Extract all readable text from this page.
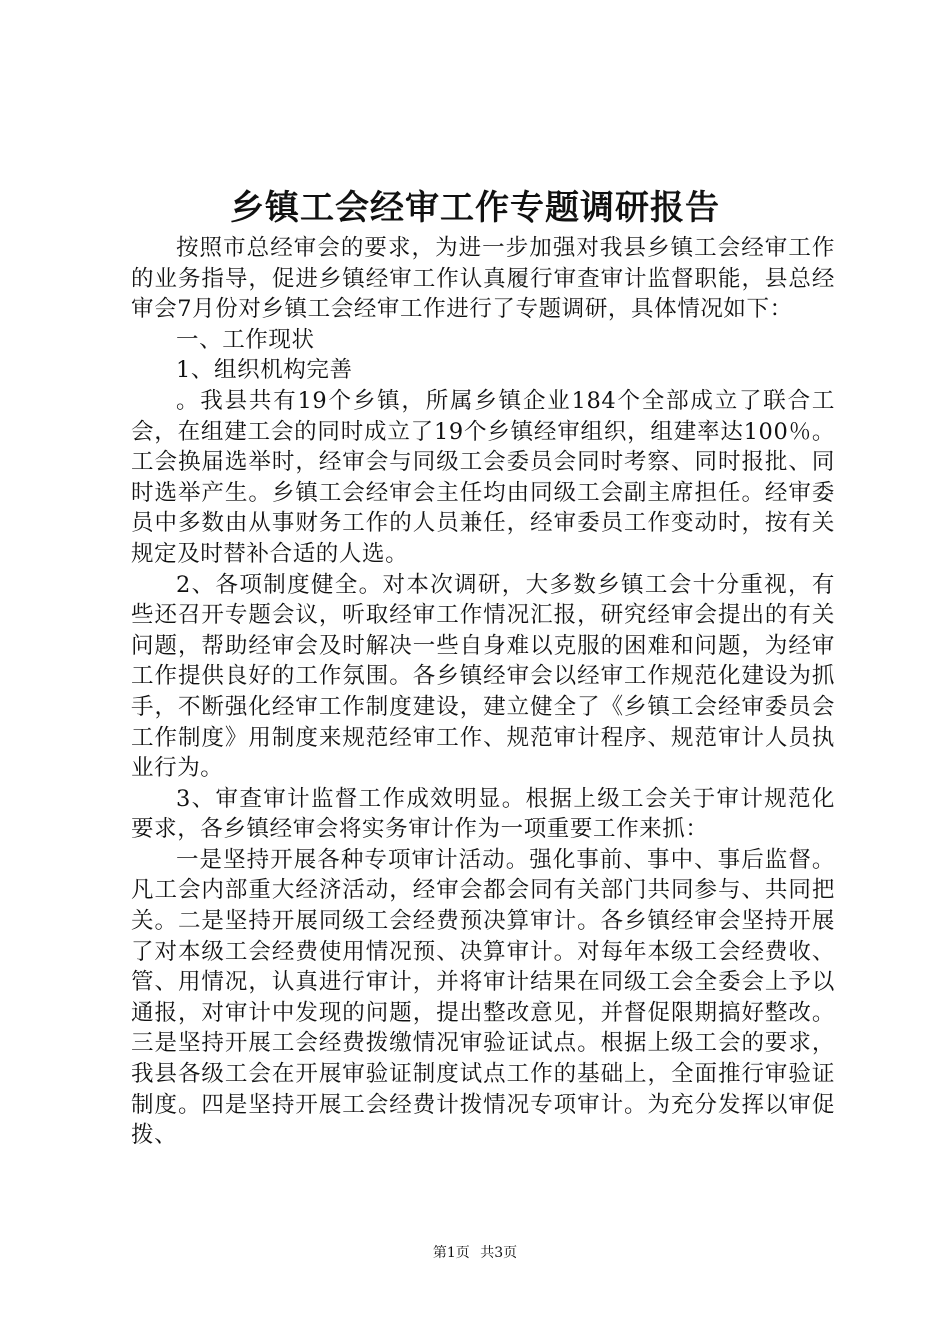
乡镇工会经审工作专题调研报告

按照市总经审会的要求，为进一步加强对我县乡镇工会经审工作的业务指导，促进乡镇经审工作认真履行审查审计监督职能，县总经审会7月份对乡镇工会经审工作进行了专题调研，具体情况如下：

一、工作现状

1、组织机构完善

。我县共有19个乡镇，所属乡镇企业184个全部成立了联合工会，在组建工会的同时成立了19个乡镇经审组织，组建率达100％。工会换届选举时，经审会与同级工会委员会同时考察、同时报批、同时选举产生。乡镇工会经审会主任均由同级工会副主席担任。经审委员中多数由从事财务工作的人员兼任，经审委员工作变动时，按有关规定及时替补合适的人选。

2、各项制度健全。对本次调研，大多数乡镇工会十分重视，有些还召开专题会议，听取经审工作情况汇报，研究经审会提出的有关问题，帮助经审会及时解决一些自身难以克服的困难和问题，为经审工作提供良好的工作氛围。各乡镇经审会以经审工作规范化建设为抓手，不断强化经审工作制度建设，建立健全了《乡镇工会经审委员会工作制度》用制度来规范经审工作、规范审计程序、规范审计人员执业行为。

3、审查审计监督工作成效明显。根据上级工会关于审计规范化要求，各乡镇经审会将实务审计作为一项重要工作来抓：

一是坚持开展各种专项审计活动。强化事前、事中、事后监督。凡工会内部重大经济活动，经审会都会同有关部门共同参与、共同把关。二是坚持开展同级工会经费预决算审计。各乡镇经审会坚持开展了对本级工会经费使用情况预、决算审计。对每年本级工会经费收、管、用情况，认真进行审计，并将审计结果在同级工会全委会上予以通报，对审计中发现的问题，提出整改意见，并督促限期搞好整改。三是坚持开展工会经费拨缴情况审验证试点。根据上级工会的要求，我县各级工会在开展审验证制度试点工作的基础上，全面推行审验证制度。四是坚持开展工会经费计拨情况专项审计。为充分发挥以审促拨、

第1页 共3页
